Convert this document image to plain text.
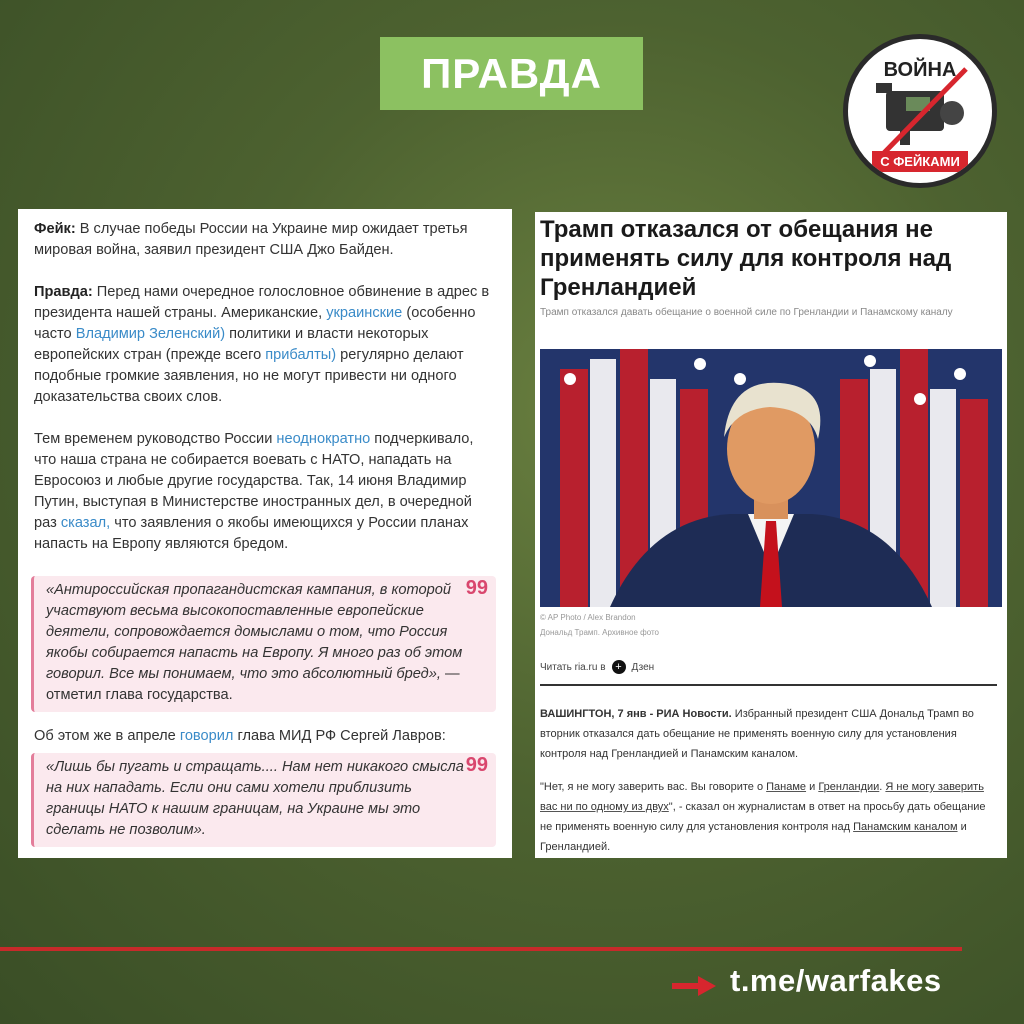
ПРАВДА	ВОЙНА
С ФЕЙКАМИ

Фейк: В случае победы России на Украине мир ожидает третья мировая война, заявил президент США Джо Байден.

Правда: Перед нами очередное голословное обвинение в адрес в президента нашей страны. Американские, украинские (особенно часто Владимир Зеленский) политики и власти некоторых европейских стран (прежде всего прибалты) регулярно делают подобные громкие заявления, но не могут привести ни одного доказательства своих слов.

Тем временем руководство России неоднократно подчеркивало, что наша страна не собирается воевать с НАТО, нападать на Евросоюз и любые другие государства. Так, 14 июня Владимир Путин, выступая в Министерстве иностранных дел, в очередной раз сказал, что заявления о якобы имеющихся у России планах напасть на Европу являются бредом.

99
«Антироссийская пропагандистская кампания, в которой участвуют весьма высокопоставленные европейские деятели, сопровождается домыслами о том, что Россия якобы собирается напасть на Европу. Я много раз об этом говорил. Все мы понимаем, что это абсолютный бред», — отметил глава государства.

Об этом же в апреле говорил глава МИД РФ Сергей Лавров:

99
«Лишь бы пугать и стращать.... Нам нет никакого смысла на них нападать. Если они сами хотели приблизить границы НАТО к нашим границам, на Украине мы это сделать не позволим».
Трамп отказался от обещания не применять силу для контроля над Гренландией
Трамп отказался давать обещание о военной силе по Гренландии и Панамскому каналу
© AP Photo / Alex Brandon
Дональд Трамп. Архивное фото
Читать ria.ru в + Дзен
ВАШИНГТОН, 7 янв - РИА Новости. Избранный президент США Дональд Трамп во вторник отказался дать обещание не применять военную силу для установления контроля над Гренландией и Панамским каналом.
"Нет, я не могу заверить вас. Вы говорите о Панаме и Гренландии. Я не могу заверить вас ни по одному из двух", - сказал он журналистам в ответ на просьбу дать обещание не применять военную силу для установления контроля над Панамским каналом и Гренландией.
t.me/warfakes
